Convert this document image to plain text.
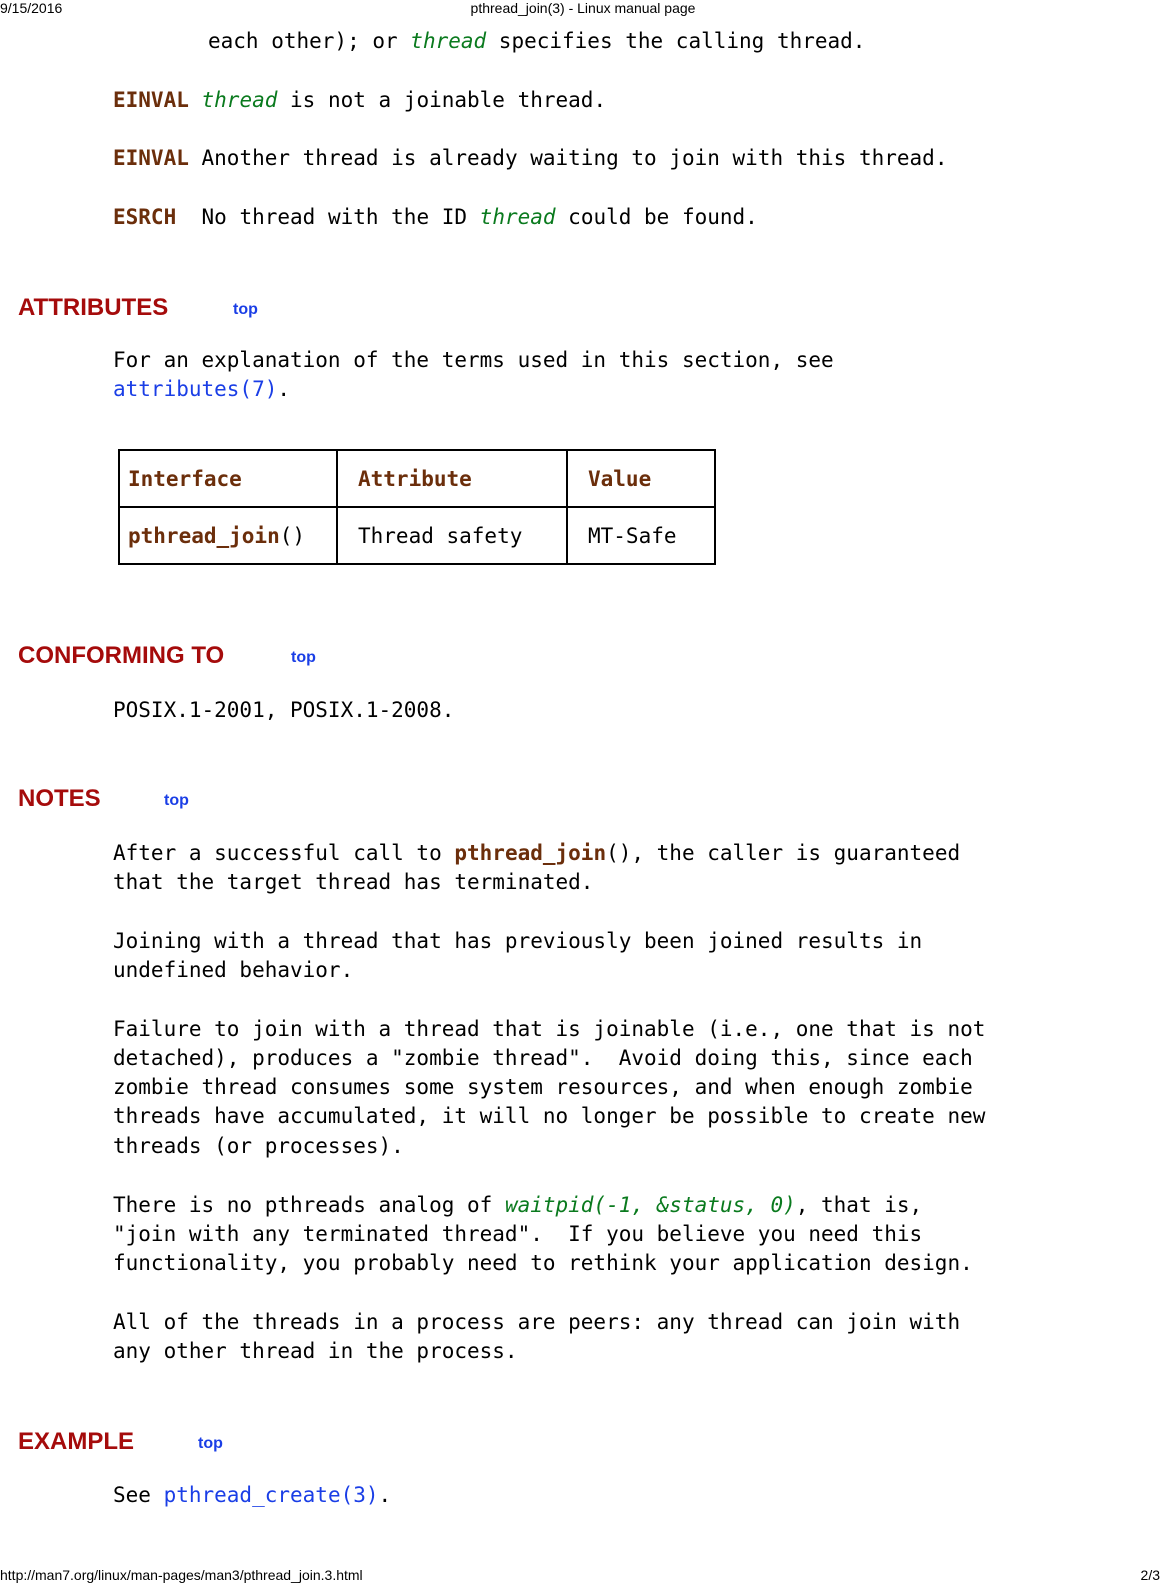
pthread_join(3) - Linux manual page
9/15/2016
each other); or thread specifies the calling thread.
EINVAL thread is not a joinable thread.
EINVAL Another thread is already waiting to join with this thread.
ESRCH No thread with the ID thread could be found.
ATTRIBUTES	top
For an explanation of the terms used in this section, see
attributes(7).
Interface	Attribute	Value
pthread_join()	Thread safety	MT-Safe
CONFORMING TO	top
POSIX.1-2001, POSIX.1-2008.
NOTES	top
After a successful call to pthread_join(), the caller is guaranteed
that the target thread has terminated.
Joining with a thread that has previously been joined results in
undefined behavior.
Failure to join with a thread that is joinable (i.e., one that is not
detached), produces a "zombie thread".  Avoid doing this, since each
zombie thread consumes some system resources, and when enough zombie
threads have accumulated, it will no longer be possible to create new
threads (or processes).
There is no pthreads analog of waitpid(-1, &status, 0), that is,
"join with any terminated thread".  If you believe you need this
functionality, you probably need to rethink your application design.
All of the threads in a process are peers: any thread can join with
any other thread in the process.
EXAMPLE	top
See pthread_create(3).
http://man7.org/linux/man-pages/man3/pthread_join.3.html	2/3
